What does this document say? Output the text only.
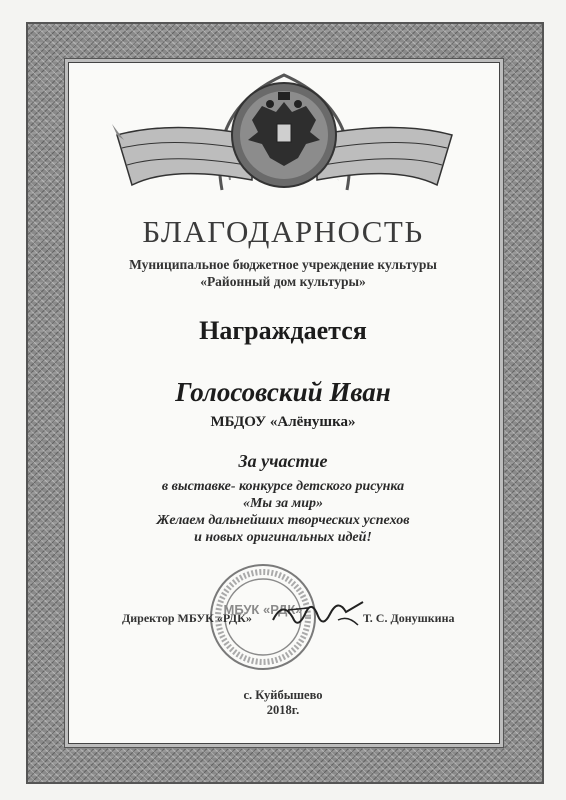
БЛАГОДАРНОСТЬ
Муниципальное бюджетное учреждение культуры
«Районный дом культуры»
Награждается
Голосовский Иван
МБДОУ «Алёнушка»
За участие
в выставке- конкурсе детского рисунка
«Мы за мир»
Желаем дальнейших творческих успехов
и новых оригинальных идей!
МБУК «РДК»
Директор МБУК «РДК»	Т. С. Донушкина
с. Куйбышево
2018г.
